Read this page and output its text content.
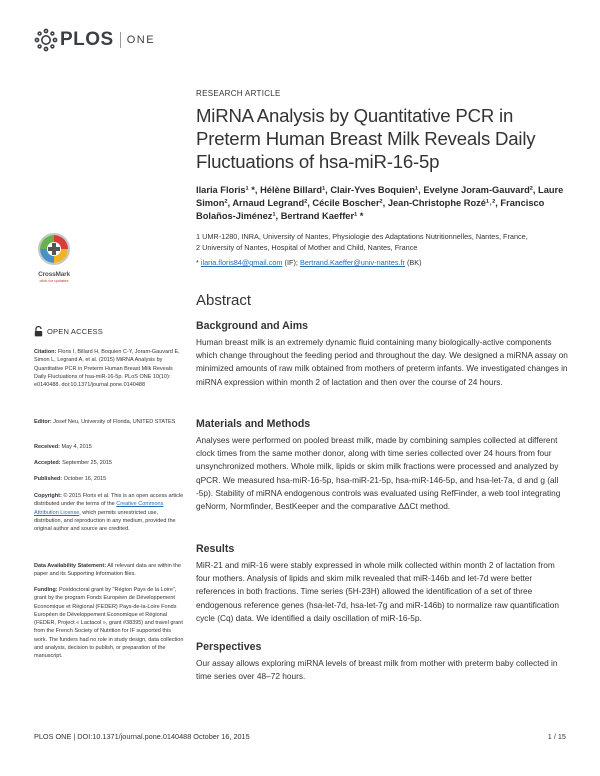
PLOS ONE
RESEARCH ARTICLE
MiRNA Analysis by Quantitative PCR in Preterm Human Breast Milk Reveals Daily Fluctuations of hsa-miR-16-5p

Ilaria Floris¹ *, Hélène Billard¹, Clair-Yves Boquien¹, Evelyne Joram-Gauvard², Laure Simon², Arnaud Legrand², Cécile Boscher², Jean-Christophe Rozé¹˒², Francisco Bolaños-Jiménez¹, Bertrand Kaeffer¹ *

1 UMR-1280, INRA, University of Nantes, Physiologie des Adaptations Nutritionnelles, Nantes, France,
2 University of Nantes, Hospital of Mother and Child, Nantes, France
* ilaria.floris84@gmail.com (IF); Bertrand.Kaeffer@univ-nantes.fr (BK)
CrossMark
click for updates
Abstract
Background and Aims

Human breast milk is an extremely dynamic fluid containing many biologically-active components which change throughout the feeding period and throughout the day. We designed a miRNA assay on minimized amounts of raw milk obtained from mothers of preterm infants. We investigated changes in miRNA expression within month 2 of lactation and then over the course of 24 hours.

Materials and Methods

Analyses were performed on pooled breast milk, made by combining samples collected at different clock times from the same mother donor, along with time series collected over 24 hours from four unsynchronized mothers. Whole milk, lipids or skim milk fractions were processed and analyzed by qPCR. We measured hsa-miR-16-5p, hsa-miR-21-5p, hsa-miR-146-5p, and hsa-let-7a, d and g (all -5p). Stability of miRNA endogenous controls was evaluated using RefFinder, a web tool integrating geNorm, Normfinder, BestKeeper and the comparative ΔΔCt method.

Results

MiR-21 and miR-16 were stably expressed in whole milk collected within month 2 of lactation from four mothers. Analysis of lipids and skim milk revealed that miR-146b and let-7d were better references in both fractions. Time series (5H-23H) allowed the identification of a set of three endogenous reference genes (hsa-let-7d, hsa-let-7g and miR-146b) to normalize raw quantification cycle (Cq) data. We identified a daily oscillation of miR-16-5p.

Perspectives

Our assay allows exploring miRNA levels of breast milk from mother with preterm baby collected in time series over 48–72 hours.

OPEN ACCESS

Citation: Floris I, Billard H, Boquien C-Y, Joram-Gauvard E, Simon L, Legrand A, et al. (2015) MiRNA Analysis by Quantitative PCR in Preterm Human Breast Milk Reveals Daily Fluctuations of hsa-miR-16-5p. PLoS ONE 10(10): e0140488. doi:10.1371/journal.pone.0140488

Editor: Josef Neu, University of Florida, UNITED STATES

Received: May 4, 2015

Accepted: September 25, 2015

Published: October 16, 2015

Copyright: © 2015 Floris et al. This is an open access article distributed under the terms of the Creative Commons Attribution License, which permits unrestricted use, distribution, and reproduction in any medium, provided the original author and source are credited.

Data Availability Statement: All relevant data are within the paper and its Supporting Information files.

Funding: Postdoctoral grant by "Région Pays de la Loire", grant by the program Fonds Européen de Développement Economique et Régional (FEDER) Pays-de-la-Loire Fonds Européen de Développement Economique et Régional (FEDER, Project « Lactacol », grant #38395) and travel grant from the French Society of Nutrition for IF supported this work. The funders had no role in study design, data collection and analysis, decision to publish, or preparation of the manuscript.

PLOS ONE | DOI:10.1371/journal.pone.0140488 October 16, 2015	1 / 15
